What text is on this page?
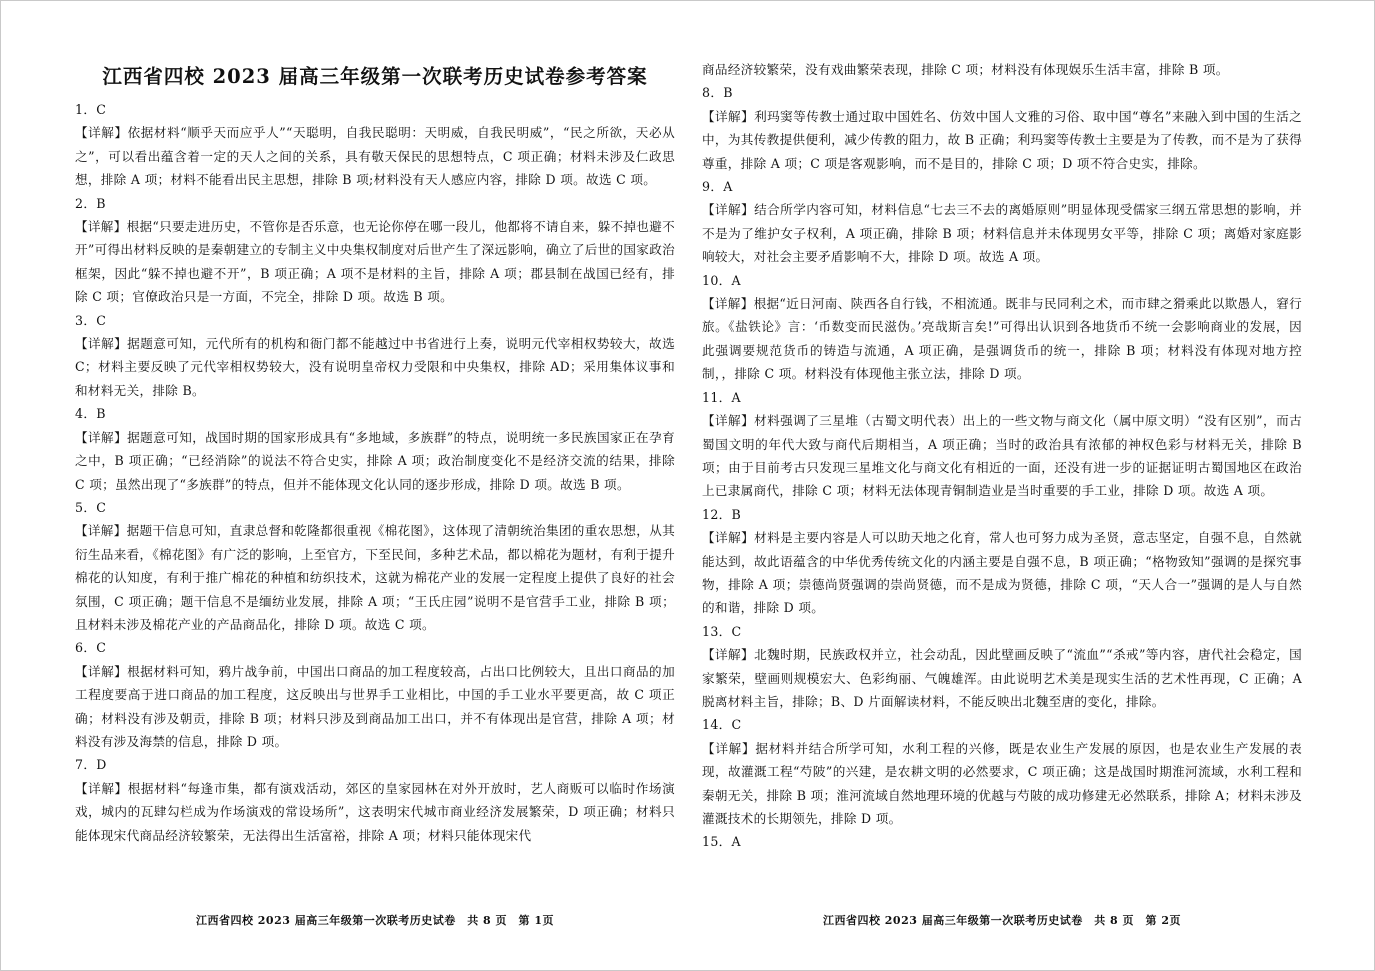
江西省四校 2023 届高三年级第一次联考历史试卷参考答案

1．C

【详解】依据材料“顺乎天而应乎人”“天聪明，自我民聪明：天明威，自我民明威”，“民之所欲，天必从之”，可以看出蕴含着一定的天人之间的关系，具有敬天保民的思想特点，C 项正确；材料未涉及仁政思想，排除 A 项；材料不能看出民主思想，排除 B 项;材料没有天人感应内容，排除 D 项。故选 C 项。

2．B

【详解】根据“只要走进历史，不管你是否乐意，也无论你停在哪一段儿，他都将不请自来，躲不掉也避不开”可得出材料反映的是秦朝建立的专制主义中央集权制度对后世产生了深远影响，确立了后世的国家政治框架，因此“躲不掉也避不开”，B 项正确；A 项不是材料的主旨，排除 A 项；郡县制在战国已经有，排除 C 项；官僚政治只是一方面，不完全，排除 D 项。故选 B 项。

3．C

【详解】据题意可知，元代所有的机构和衙门都不能越过中书省进行上奏，说明元代宰相权势较大，故选 C；材料主要反映了元代宰相权势较大，没有说明皇帝权力受限和中央集权，排除 AD；采用集体议事和和材料无关，排除 B。

4．B

【详解】据题意可知，战国时期的国家形成具有“多地域，多族群”的特点，说明统一多民族国家正在孕育之中，B 项正确；“已经消除”的说法不符合史实，排除 A 项；政治制度变化不是经济交流的结果，排除 C 项；虽然出现了“多族群”的特点，但并不能体现文化认同的逐步形成，排除 D 项。故选 B 项。

5．C

【详解】据题干信息可知，直隶总督和乾隆都很重视《棉花图》，这体现了清朝统治集团的重农思想，从其衍生品来看，《棉花图》有广泛的影响，上至官方，下至民间，多种艺术品，都以棉花为题材，有利于提升棉花的认知度，有利于推广棉花的种植和纺织技术，这就为棉花产业的发展一定程度上提供了良好的社会氛围，C 项正确；题干信息不是缅纺业发展，排除 A 项；“王氏庄园”说明不是官营手工业，排除 B 项；且材料未涉及棉花产业的产品商品化，排除 D 项。故选 C 项。

6．C

【详解】根据材料可知，鸦片战争前，中国出口商品的加工程度较高，占出口比例较大，且出口商品的加工程度要高于进口商品的加工程度，这反映出与世界手工业相比，中国的手工业水平要更高，故 C 项正确；材料没有涉及朝贡，排除 B 项；材料只涉及到商品加工出口，并不有体现出是官营，排除 A 项；材料没有涉及海禁的信息，排除 D 项。

7．D

【详解】根据材料“每逢市集，都有演戏活动，郊区的皇家园林在对外开放时，艺人商贩可以临时作场演戏，城内的瓦肆勾栏成为作场演戏的常设场所”，这表明宋代城市商业经济发展繁荣，D 项正确；材料只能体现宋代商品经济较繁荣，无法得出生活富裕，排除 A 项；材料只能体现宋代

商品经济较繁荣，没有戏曲繁荣表现，排除 C 项；材料没有体现娱乐生活丰富，排除 B 项。

8．B

【详解】利玛窦等传教士通过取中国姓名、仿效中国人文雅的习俗、取中国“尊名”来融入到中国的生活之中，为其传教提供便利，减少传教的阻力，故 B 正确；利玛窦等传教士主要是为了传教，而不是为了获得尊重，排除 A 项；C 项是客观影响，而不是目的，排除 C 项；D 项不符合史实，排除。

9．A

【详解】结合所学内容可知，材料信息“七去三不去的离婚原则”明显体现受儒家三纲五常思想的影响，并不是为了维护女子权利，A 项正确，排除 B 项；材料信息并未体现男女平等，排除 C 项；离婚对家庭影响较大，对社会主要矛盾影响不大，排除 D 项。故选 A 项。

10．A

【详解】根据“近日河南、陕西各自行钱，不相流通。既非与民同利之术，而市肆之猾乘此以欺愚人，窘行旅。《盐铁论》言：‘币数变而民滋伪。’亮哉斯言矣!”可得出认识到各地货币不统一会影响商业的发展，因此强调要规范货币的铸造与流通，A 项正确，是强调货币的统一，排除 B 项；材料没有体现对地方控制，，排除 C 项。材料没有体现他主张立法，排除 D 项。

11．A

【详解】材料强调了三星堆（古蜀文明代表）出上的一些文物与商文化（属中原文明）“没有区别”，而古蜀国文明的年代大致与商代后期相当，A 项正确；当时的政治具有浓郁的神权色彩与材料无关，排除 B 项；由于目前考古只发现三星堆文化与商文化有相近的一面，还没有进一步的证据证明古蜀国地区在政治上已隶属商代，排除 C 项；材料无法体现青铜制造业是当时重要的手工业，排除 D 项。故选 A 项。

12．B

【详解】材料是主要内容是人可以助天地之化育，常人也可努力成为圣贤，意志坚定，自强不息，自然就能达到，故此语蕴含的中华优秀传统文化的内涵主要是自强不息，B 项正确；“格物致知”强调的是探究事物，排除 A 项；崇德尚贤强调的崇尚贤德，而不是成为贤德，排除 C 项，“天人合一”强调的是人与自然的和谐，排除 D 项。

13．C

【详解】北魏时期，民族政权并立，社会动乱，因此壁画反映了“流血”“杀戒”等内容，唐代社会稳定，国家繁荣，壁画则规模宏大、色彩绚丽、气魄雄浑。由此说明艺术美是现实生活的艺术性再现，C 正确；A 脱离材料主旨，排除；B、D 片面解读材料，不能反映出北魏至唐的变化，排除。

14．C

【详解】据材料并结合所学可知，水利工程的兴修，既是农业生产发展的原因，也是农业生产发展的表现，故灌溉工程“芍陂”的兴建，是农耕文明的必然要求，C 项正确；这是战国时期淮河流域，水利工程和秦朝无关，排除 B 项；淮河流域自然地理环境的优越与芍陂的成功修建无必然联系，排除 A；材料未涉及灌溉技术的长期领先，排除 D 项。

15．A

江西省四校 2023 届高三年级第一次联考历史试卷　共 8 页　第 1页	江西省四校 2023 届高三年级第一次联考历史试卷　共 8 页　第 2页
